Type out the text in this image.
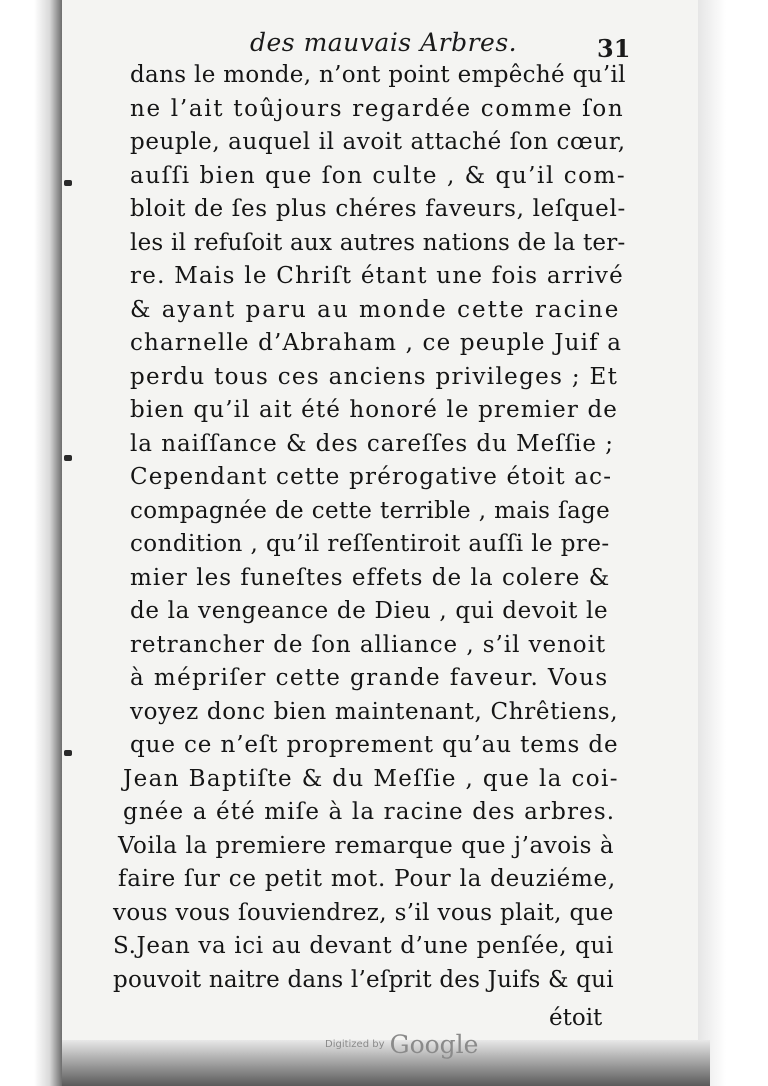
des mauvais Arbres.	31
dans le monde, n’ont point empêché qu’il
ne l’ait toûjours regardée comme ſon
peuple, auquel il avoit attaché ſon cœur,
auſſi bien que ſon culte , & qu’il com-
bloit de ſes plus chéres faveurs, leſquel-
les il refuſoit aux autres nations de la ter-
re. Mais le Chriſt étant une fois arrivé
& ayant paru au monde cette racine
charnelle d’Abraham , ce peuple Juif a
perdu tous ces anciens privileges ; Et
bien qu’il ait été honoré le premier de
la naiſſance & des careſſes du Meſſie ;
Cependant cette prérogative étoit ac-
compagnée de cette terrible , mais ſage
condition , qu’il reſſentiroit auſſi le pre-
mier les funeſtes effets de la colere &
de la vengeance de Dieu , qui devoit le
retrancher de ſon alliance , s’il venoit
à mépriſer cette grande faveur. Vous
voyez donc bien maintenant, Chrêtiens,
que ce n’eſt proprement qu’au tems de
Jean Baptiſte & du Meſſie , que la coi-
gnée a été miſe à la racine des arbres.
Voila la premiere remarque que j’avois à
faire ſur ce petit mot. Pour la deuziéme,
vous vous ſouviendrez, s’il vous plait, que
S.Jean va ici au devant d’une penſée, qui
pouvoit naitre dans l’eſprit des Juifs & qui
étoit
Digitized by Google
